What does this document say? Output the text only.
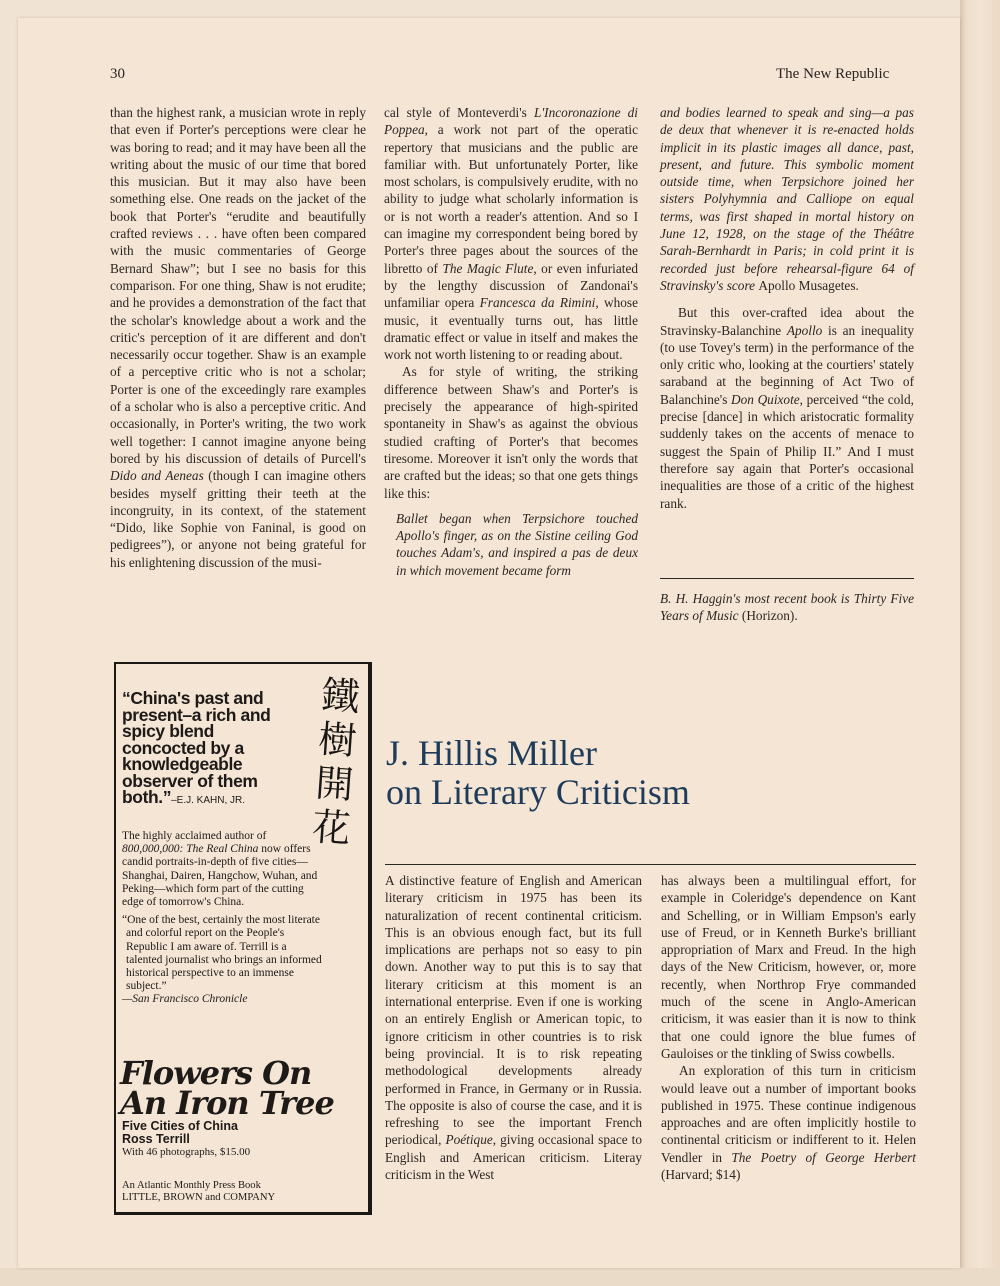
30	The New Republic

than the highest rank, a musician wrote in reply that even if Porter's perceptions were clear he was boring to read; and it may have been all the writing about the music of our time that bored this musician. But it may also have been something else. One reads on the jacket of the book that Porter's “erudite and beautifully crafted reviews . . . have often been compared with the music commentaries of George Bernard Shaw”; but I see no basis for this comparison. For one thing, Shaw is not erudite; and he provides a demonstration of the fact that the scholar's knowledge about a work and the critic's perception of it are different and don't necessarily occur together. Shaw is an example of a perceptive critic who is not a scholar; Porter is one of the exceedingly rare examples of a scholar who is also a perceptive critic. And occasionally, in Porter's writing, the two work well together: I cannot imagine anyone being bored by his discussion of details of Purcell's Dido and Aeneas (though I can imagine others besides myself gritting their teeth at the incongruity, in its context, of the statement “Dido, like Sophie von Faninal, is good on pedigrees”), or anyone not being grateful for his enlightening discussion of the musi-

cal style of Monteverdi's L'Incoronazione di Poppea, a work not part of the operatic repertory that musicians and the public are familiar with. But unfortunately Porter, like most scholars, is compulsively erudite, with no ability to judge what scholarly information is or is not worth a reader's attention. And so I can imagine my correspondent being bored by Porter's three pages about the sources of the libretto of The Magic Flute, or even infuriated by the lengthy discussion of Zandonai's unfamiliar opera Francesca da Rimini, whose music, it eventually turns out, has little dramatic effect or value in itself and makes the work not worth listening to or reading about.

As for style of writing, the striking difference between Shaw's and Porter's is precisely the appearance of high-spirited spontaneity in Shaw's as against the obvious studied crafting of Porter's that becomes tiresome. Moreover it isn't only the words that are crafted but the ideas; so that one gets things like this:

Ballet began when Terpsichore touched Apollo's finger, as on the Sistine ceiling God touches Adam's, and inspired a pas de deux in which movement became form

and bodies learned to speak and sing—a pas de deux that whenever it is re-enacted holds implicit in its plastic images all dance, past, present, and future. This symbolic moment outside time, when Terpsichore joined her sisters Polyhymnia and Calliope on equal terms, was first shaped in mortal history on June 12, 1928, on the stage of the Théâtre Sarah-Bernhardt in Paris; in cold print it is recorded just before rehearsal-figure 64 of Stravinsky's score Apollo Musagetes.

But this over-crafted idea about the Stravinsky-Balanchine Apollo is an inequality (to use Tovey's term) in the performance of the only critic who, looking at the courtiers' stately saraband at the beginning of Act Two of Balanchine's Don Quixote, perceived “the cold, precise [dance] in which aristocratic formality suddenly takes on the accents of menace to suggest the Spain of Philip II.” And I must therefore say again that Porter's occasional inequalities are those of a critic of the highest rank.

B. H. Haggin's most recent book is Thirty Five Years of Music (Horizon).

“China's past and present–a rich and spicy blend concocted by a knowledgeable observer of them both.”–E.J. KAHN, JR.
鐵
樹
開
花

The highly acclaimed author of 800,000,000: The Real China now offers candid portraits-in-depth of five cities—Shanghai, Dairen, Hangchow, Wuhan, and Peking—which form part of the cutting edge of tomorrow's China.

“One of the best, certainly the most literate and colorful report on the People's Republic I am aware of. Terrill is a talented journalist who brings an informed historical perspective to an immense subject.”

—San Francisco Chronicle

Flowers On
An Iron Tree
Five Cities of China
Ross Terrill
With 46 photographs, $15.00
An Atlantic Monthly Press Book
LITTLE, BROWN and COMPANY
J. Hillis Miller
on Literary Criticism

A distinctive feature of English and American literary criticism in 1975 has been its naturalization of recent continental criticism. This is an obvious enough fact, but its full implications are perhaps not so easy to pin down. Another way to put this is to say that literary criticism at this moment is an international enterprise. Even if one is working on an entirely English or American topic, to ignore criticism in other countries is to risk being provincial. It is to risk repeating methodological developments already performed in France, in Germany or in Russia. The opposite is also of course the case, and it is refreshing to see the important French periodical, Poétique, giving occasional space to English and American criticism. Literay criticism in the West

has always been a multilingual effort, for example in Coleridge's dependence on Kant and Schelling, or in William Empson's early use of Freud, or in Kenneth Burke's brilliant appropriation of Marx and Freud. In the high days of the New Criticism, however, or, more recently, when Northrop Frye commanded much of the scene in Anglo-American criticism, it was easier than it is now to think that one could ignore the blue fumes of Gauloises or the tinkling of Swiss cowbells.

An exploration of this turn in criticism would leave out a number of important books published in 1975. These continue indigenous approaches and are often implicitly hostile to continental criticism or indifferent to it. Helen Vendler in The Poetry of George Herbert (Harvard; $14)
